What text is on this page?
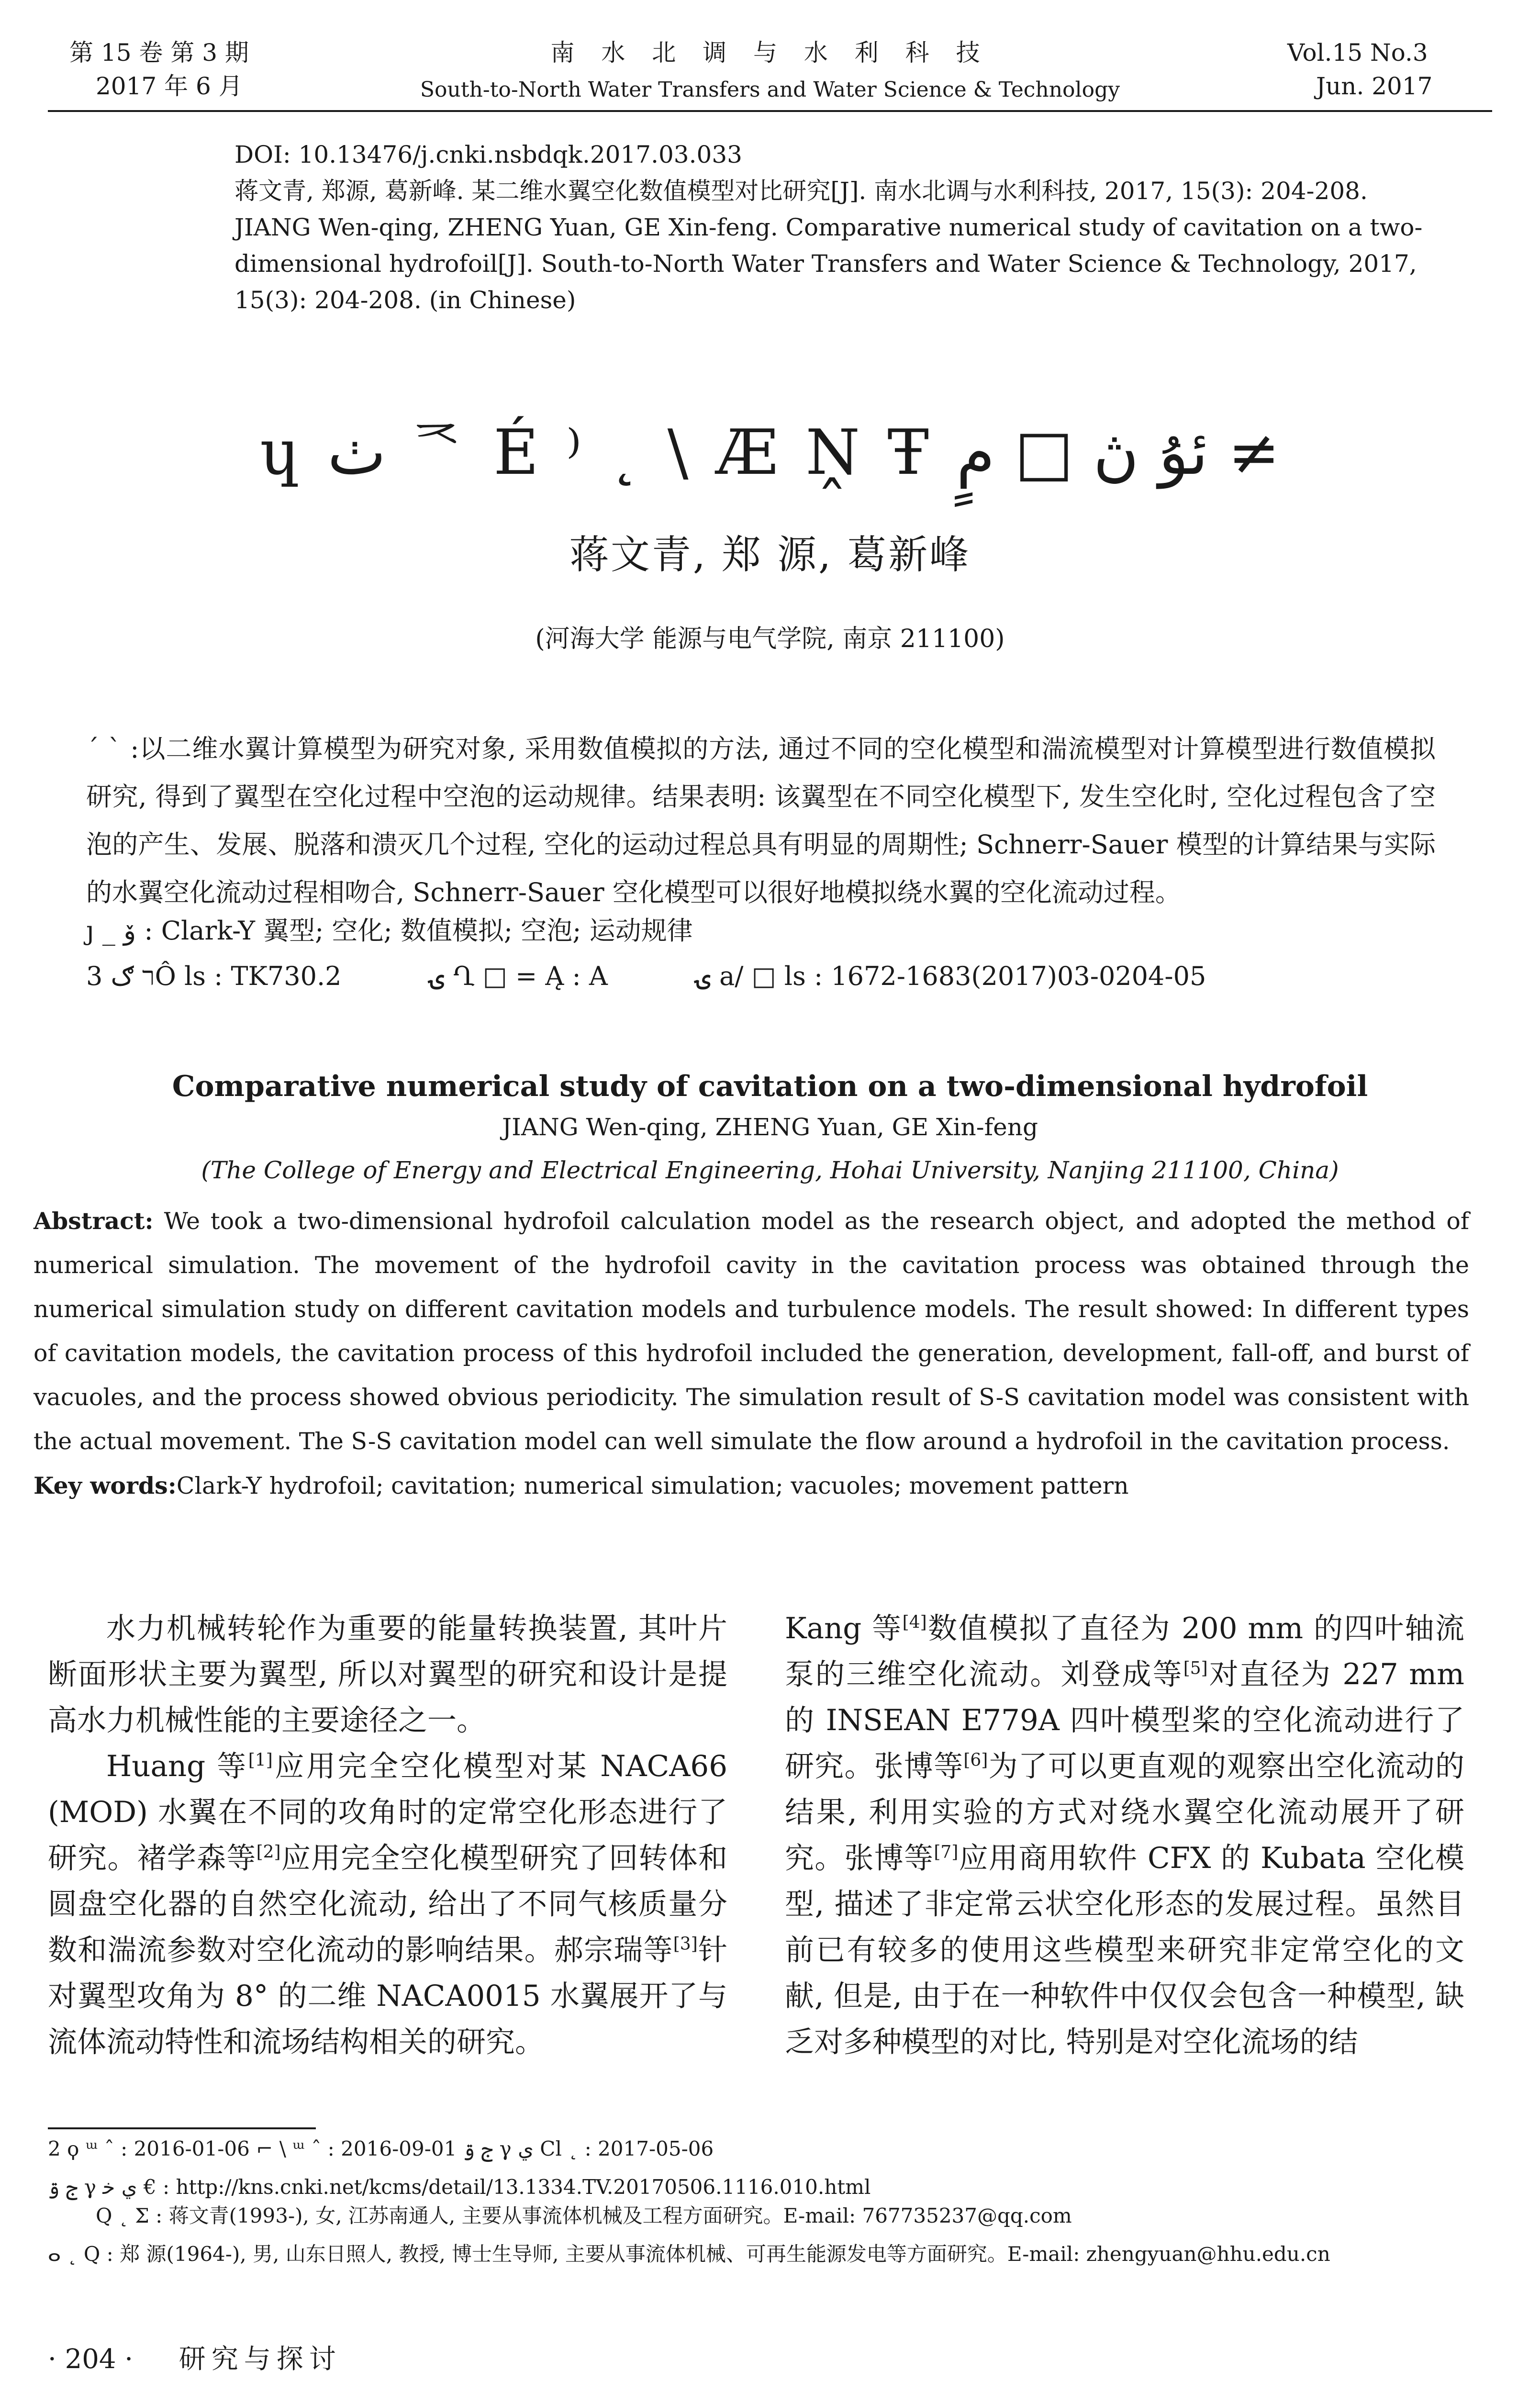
第 15 卷 第 3 期
2017 年 6 月
南 水 北 调 与 水 利 科 技
South-to-North Water Transfers and Water Science & Technology
Vol.15 No.3
Jun. 2017

DOI: 10.13476/j.cnki.nsbdqk.2017.03.033

蒋文青, 郑源, 葛新峰. 某二维水翼空化数值模型对比研究[J]. 南水北调与水利科技, 2017, 15(3): 204-208.

JIANG Wen-qing, ZHENG Yuan, GE Xin-feng. Comparative numerical study of cavitation on a two-dimensional hydrofoil[J]. South-to-North Water Transfers and Water Science & Technology, 2017, 15(3): 204-208. (in Chinese)

ɥ ﭞ ᅐ É ⁾ ˛ \ Æ Ṋ Ŧ ئۇ ڽ □ ﻡٍ ≠
蒋文青, 郑 源, 葛新峰
(河海大学 能源与电气学院, 南京 211100)

ˊ ˋ :以二维水翼计算模型为研究对象, 采用数值模拟的方法, 通过不同的空化模型和湍流模型对计算模型进行数值模拟研究, 得到了翼型在空化过程中空泡的运动规律。结果表明: 该翼型在不同空化模型下, 发生空化时, 空化过程包含了空泡的产生、发展、脱落和溃灭几个过程, 空化的运动过程总具有明显的周期性; Schnerr-Sauer 模型的计算结果与实际的水翼空化流动过程相吻合, Schnerr-Sauer 空化模型可以很好地模拟绕水翼的空化流动过程。

ȷ _ ۆ : Clark-Y 翼型; 空化; 数值模拟; 空泡; 运动规律
3 ר ګÔ ls : TK730.2	ۍ Ղ □ = Ą : A	ۍ a/ □ ls : 1672-1683(2017)03-0204-05
Comparative numerical study of cavitation on a two-dimensional hydrofoil
JIANG Wen-qing, ZHENG Yuan, GE Xin-feng
(The College of Energy and Electrical Engineering, Hohai University, Nanjing 211100, China)

Abstract: We took a two-dimensional hydrofoil calculation model as the research object, and adopted the method of numerical simulation. The movement of the hydrofoil cavity in the cavitation process was obtained through the numerical simulation study on different cavitation models and turbulence models. The result showed: In different types of cavitation models, the cavitation process of this hydrofoil included the generation, development, fall-off, and burst of vacuoles, and the process showed obvious periodicity. The simulation result of S-S cavitation model was consistent with the actual movement. The S-S cavitation model can well simulate the flow around a hydrofoil in the cavitation process.

Key words:Clark-Y hydrofoil; cavitation; numerical simulation; vacuoles; movement pattern

水力机械转轮作为重要的能量转换装置, 其叶片断面形状主要为翼型, 所以对翼型的研究和设计是提高水力机械性能的主要途径之一。

Huang 等[1]应用完全空化模型对某 NACA66 (MOD) 水翼在不同的攻角时的定常空化形态进行了研究。褚学森等[2]应用完全空化模型研究了回转体和圆盘空化器的自然空化流动, 给出了不同气核质量分数和湍流参数对空化流动的影响结果。郝宗瑞等[3]针对翼型攻角为 8° 的二维 NACA0015 水翼展开了与流体流动特性和流场结构相关的研究。

Kang 等[4]数值模拟了直径为 200 mm 的四叶轴流泵的三维空化流动。刘登成等[5]对直径为 227 mm 的 INSEAN E779A 四叶模型桨的空化流动进行了研究。张博等[6]为了可以更直观的观察出空化流动的结果, 利用实验的方式对绕水翼空化流动展开了研究。张博等[7]应用商用软件 CFX 的 Kubata 空化模型, 描述了非定常云状空化形态的发展过程。虽然目前已有较多的使用这些模型来研究非定常空化的文献, 但是, 由于在一种软件中仅仅会包含一种模型, 缺乏对多种模型的对比, 特别是对空化流场的结

2 ϙ ᵚ ˆ : 2016-01-06 ⌐ \ ᵚ ˆ : 2016-09-01 ج ۊ γ ي Cl ˛ : 2017-05-06
ج ۊ γ ي ﺧ € : http://kns.cnki.net/kcms/detail/13.1334.TV.20170506.1116.010.html
Q ˛ Σ : 蒋文青(1993-), 女, 江苏南通人, 主要从事流体机械及工程方面研究。E-mail: 767735237@qq.com
ⴰ ˛ Q : 郑 源(1964-), 男, 山东日照人, 教授, 博士生导师, 主要从事流体机械、可再生能源发电等方面研究。E-mail: zhengyuan@hhu.edu.cn
· 204 · 研究与探讨
